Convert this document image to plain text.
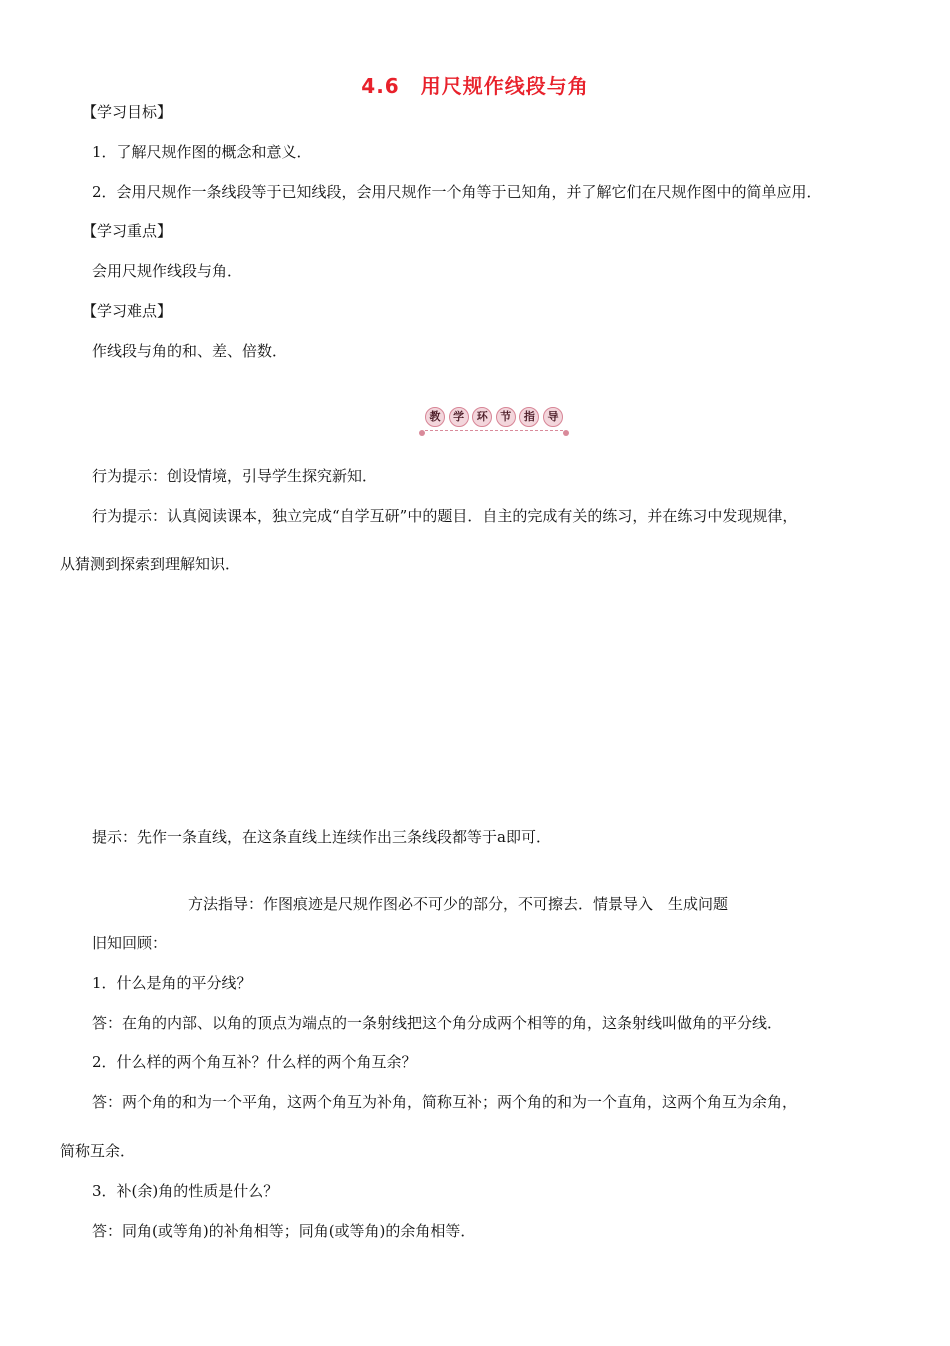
4.6　用尺规作线段与角
【学习目标】
1．了解尺规作图的概念和意义．
2．会用尺规作一条线段等于已知线段，会用尺规作一个角等于已知角，并了解它们在尺规作图中的简单应用．
【学习重点】
会用尺规作线段与角．
【学习难点】
作线段与角的和、差、倍数．
教	学	环	节	指	导
行为提示：创设情境，引导学生探究新知．
行为提示：认真阅读课本，独立完成“自学互研”中的题目．自主的完成有关的练习，并在练习中发现规律，
从猜测到探索到理解知识．
提示：先作一条直线，在这条直线上连续作出三条线段都等于a即可．
方法指导：作图痕迹是尺规作图必不可少的部分，不可擦去．情景导入　生成问题
旧知回顾：
1．什么是角的平分线？
答：在角的内部、以角的顶点为端点的一条射线把这个角分成两个相等的角，这条射线叫做角的平分线．
2．什么样的两个角互补？什么样的两个角互余？
答：两个角的和为一个平角，这两个角互为补角，简称互补；两个角的和为一个直角，这两个角互为余角，
简称互余．
3．补(余)角的性质是什么？
答：同角(或等角)的补角相等；同角(或等角)的余角相等．
